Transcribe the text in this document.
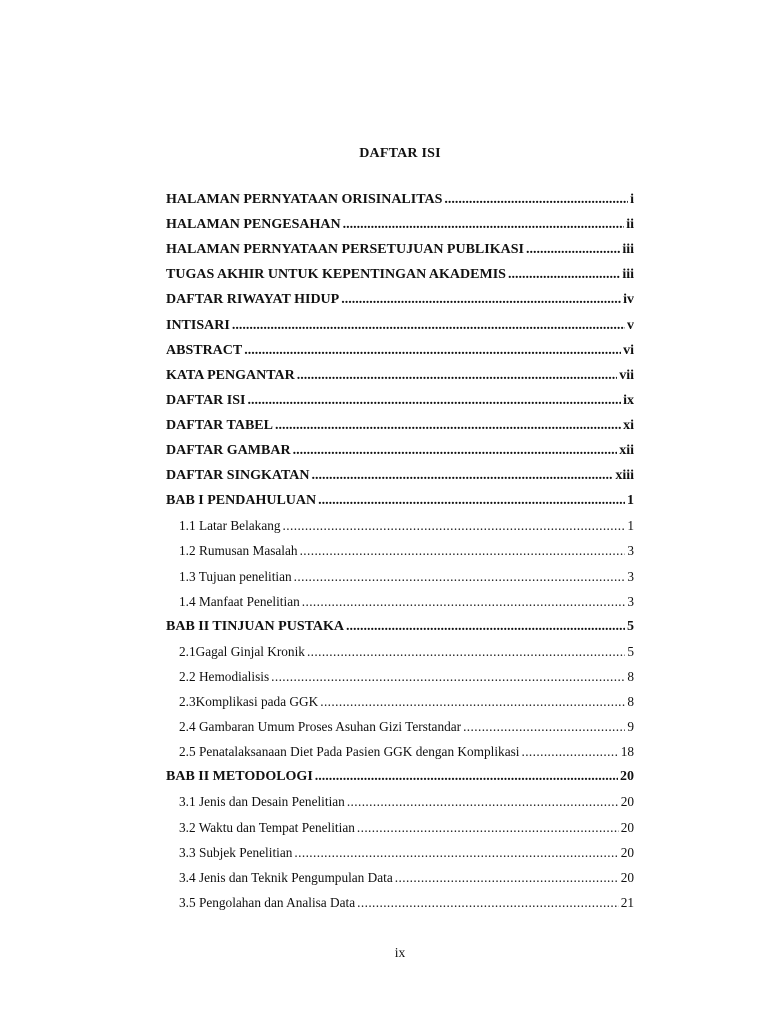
DAFTAR ISI
HALAMAN PERNYATAAN ORISINALITAS .....	i
HALAMAN PENGESAHAN .....	ii
HALAMAN PERNYATAAN PERSETUJUAN PUBLIKASI .....	iii
TUGAS AKHIR UNTUK KEPENTINGAN AKADEMIS .....	iii
DAFTAR RIWAYAT HIDUP .....	iv
INTISARI .....	v
ABSTRACT .....	vi
KATA PENGANTAR .....	vii
DAFTAR ISI .....	ix
DAFTAR TABEL .....	xi
DAFTAR GAMBAR .....	xii
DAFTAR SINGKATAN .....	xiii
BAB I PENDAHULUAN .....	1
1.1 Latar Belakang .....	1
1.2 Rumusan Masalah .....	3
1.3 Tujuan penelitian .....	3
1.4 Manfaat Penelitian .....	3
BAB II TINJUAN PUSTAKA .....	5
2.1Gagal Ginjal Kronik .....	5
2.2 Hemodialisis .....	8
2.3Komplikasi pada GGK .....	8
2.4 Gambaran Umum Proses Asuhan Gizi Terstandar .....	9
2.5 Penatalaksanaan Diet Pada Pasien GGK dengan Komplikasi .....	18
BAB II METODOLOGI .....	20
3.1 Jenis dan Desain Penelitian .....	20
3.2 Waktu dan Tempat Penelitian .....	20
3.3 Subjek Penelitian .....	20
3.4 Jenis dan Teknik Pengumpulan Data .....	20
3.5 Pengolahan dan Analisa Data .....	21
ix
